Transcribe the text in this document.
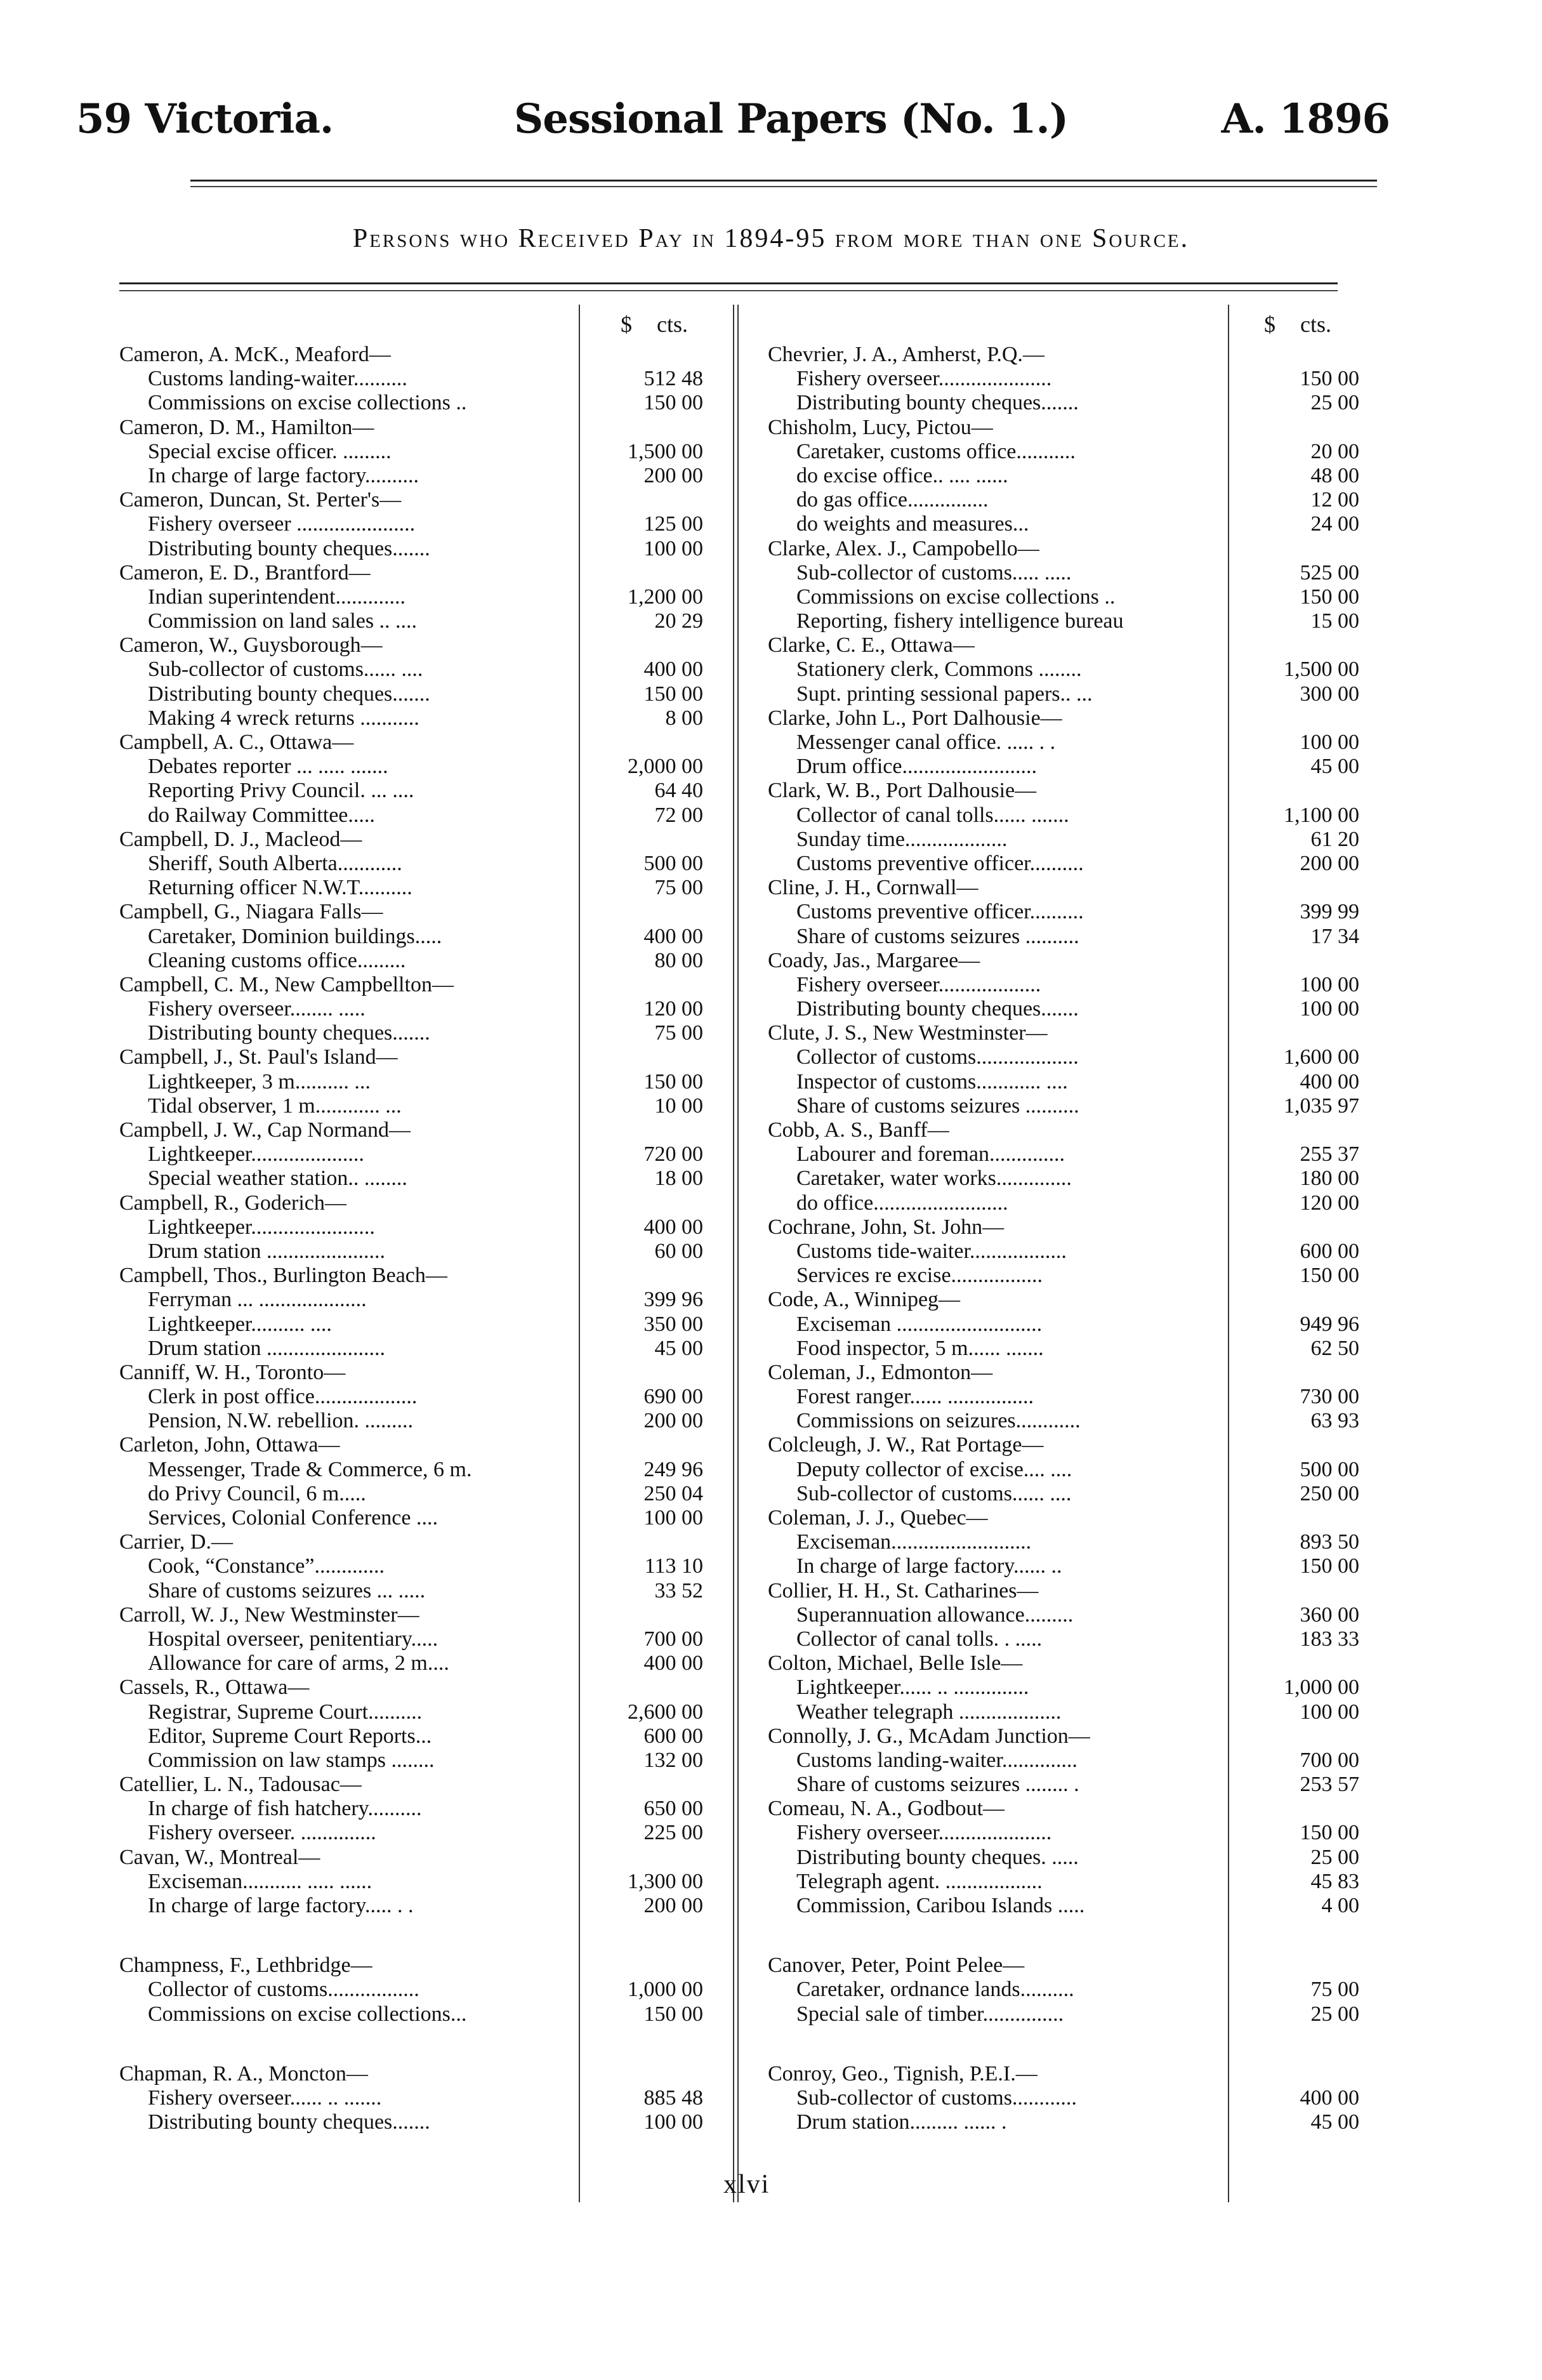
59 Victoria.	Sessional Papers (No. 1.)	A. 1896
Persons who Received Pay in 1894-95 from more than one Source.
$ cts.	$ cts.
Cameron, A. McK., Meaford—
Customs landing-waiter..........	512 48
Commissions on excise collections ..	150 00
Cameron, D. M., Hamilton—
Special excise officer. .........	1,500 00
In charge of large factory..........	200 00
Cameron, Duncan, St. Perter's—
Fishery overseer ......................	125 00
Distributing bounty cheques.......	100 00
Cameron, E. D., Brantford—
Indian superintendent.............	1,200 00
Commission on land sales .. ....	20 29
Cameron, W., Guysborough—
Sub-collector of customs...... ....	400 00
Distributing bounty cheques.......	150 00
Making 4 wreck returns ...........	8 00
Campbell, A. C., Ottawa—
Debates reporter ... ..... .......	2,000 00
Reporting Privy Council. ... ....	64 40
do Railway Committee.....	72 00
Campbell, D. J., Macleod—
Sheriff, South Alberta............	500 00
Returning officer N.W.T..........	75 00
Campbell, G., Niagara Falls—
Caretaker, Dominion buildings.....	400 00
Cleaning customs office.........	80 00
Campbell, C. M., New Campbellton—
Fishery overseer........ .....	120 00
Distributing bounty cheques.......	75 00
Campbell, J., St. Paul's Island—
Lightkeeper, 3 m.......... ...	150 00
Tidal observer, 1 m............ ...	10 00
Campbell, J. W., Cap Normand—
Lightkeeper.....................	720 00
Special weather station.. ........	18 00
Campbell, R., Goderich—
Lightkeeper.......................	400 00
Drum station ......................	60 00
Campbell, Thos., Burlington Beach—
Ferryman ... ....................	399 96
Lightkeeper.......... ....	350 00
Drum station ......................	45 00
Canniff, W. H., Toronto—
Clerk in post office...................	690 00
Pension, N.W. rebellion. .........	200 00
Carleton, John, Ottawa—
Messenger, Trade & Commerce, 6 m.	249 96
do Privy Council, 6 m.....	250 04
Services, Colonial Conference ....	100 00
Carrier, D.—
Cook, “Constance”.............	113 10
Share of customs seizures ... .....	33 52
Carroll, W. J., New Westminster—
Hospital overseer, penitentiary.....	700 00
Allowance for care of arms, 2 m....	400 00
Cassels, R., Ottawa—
Registrar, Supreme Court..........	2,600 00
Editor, Supreme Court Reports...	600 00
Commission on law stamps ........	132 00
Catellier, L. N., Tadousac—
In charge of fish hatchery..........	650 00
Fishery overseer. ..............	225 00
Cavan, W., Montreal—
Exciseman........... ..... ......	1,300 00
In charge of large factory..... . .	200 00
Champness, F., Lethbridge—
Collector of customs.................	1,000 00
Commissions on excise collections...	150 00
Chapman, R. A., Moncton—
Fishery overseer...... .. .......	885 48
Distributing bounty cheques.......	100 00
Chevrier, J. A., Amherst, P.Q.—
Fishery overseer.....................	150 00
Distributing bounty cheques.......	25 00
Chisholm, Lucy, Pictou—
Caretaker, customs office...........	20 00
do excise office.. .... ......	48 00
do gas office...............	12 00
do weights and measures...	24 00
Clarke, Alex. J., Campobello—
Sub-collector of customs..... .....	525 00
Commissions on excise collections ..	150 00
Reporting, fishery intelligence bureau	15 00
Clarke, C. E., Ottawa—
Stationery clerk, Commons ........	1,500 00
Supt. printing sessional papers.. ...	300 00
Clarke, John L., Port Dalhousie—
Messenger canal office. ..... . .	100 00
Drum office.........................	45 00
Clark, W. B., Port Dalhousie—
Collector of canal tolls...... .......	1,100 00
Sunday time...................	61 20
Customs preventive officer..........	200 00
Cline, J. H., Cornwall—
Customs preventive officer..........	399 99
Share of customs seizures ..........	17 34
Coady, Jas., Margaree—
Fishery overseer...................	100 00
Distributing bounty cheques.......	100 00
Clute, J. S., New Westminster—
Collector of customs...................	1,600 00
Inspector of customs............ ....	400 00
Share of customs seizures ..........	1,035 97
Cobb, A. S., Banff—
Labourer and foreman..............	255 37
Caretaker, water works..............	180 00
do office.........................	120 00
Cochrane, John, St. John—
Customs tide-waiter..................	600 00
Services re excise.................	150 00
Code, A., Winnipeg—
Exciseman ...........................	949 96
Food inspector, 5 m...... .......	62 50
Coleman, J., Edmonton—
Forest ranger...... ................	730 00
Commissions on seizures............	63 93
Colcleugh, J. W., Rat Portage—
Deputy collector of excise.... ....	500 00
Sub-collector of customs...... ....	250 00
Coleman, J. J., Quebec—
Exciseman..........................	893 50
In charge of large factory...... ..	150 00
Collier, H. H., St. Catharines—
Superannuation allowance.........	360 00
Collector of canal tolls. . .....	183 33
Colton, Michael, Belle Isle—
Lightkeeper...... .. ..............	1,000 00
Weather telegraph ...................	100 00
Connolly, J. G., McAdam Junction—
Customs landing-waiter..............	700 00
Share of customs seizures ........ .	253 57
Comeau, N. A., Godbout—
Fishery overseer.....................	150 00
Distributing bounty cheques. .....	25 00
Telegraph agent. ..................	45 83
Commission, Caribou Islands .....	4 00
Canover, Peter, Point Pelee—
Caretaker, ordnance lands..........	75 00
Special sale of timber...............	25 00
Conroy, Geo., Tignish, P.E.I.—
Sub-collector of customs............	400 00
Drum station......... ...... .	45 00
xlvi
